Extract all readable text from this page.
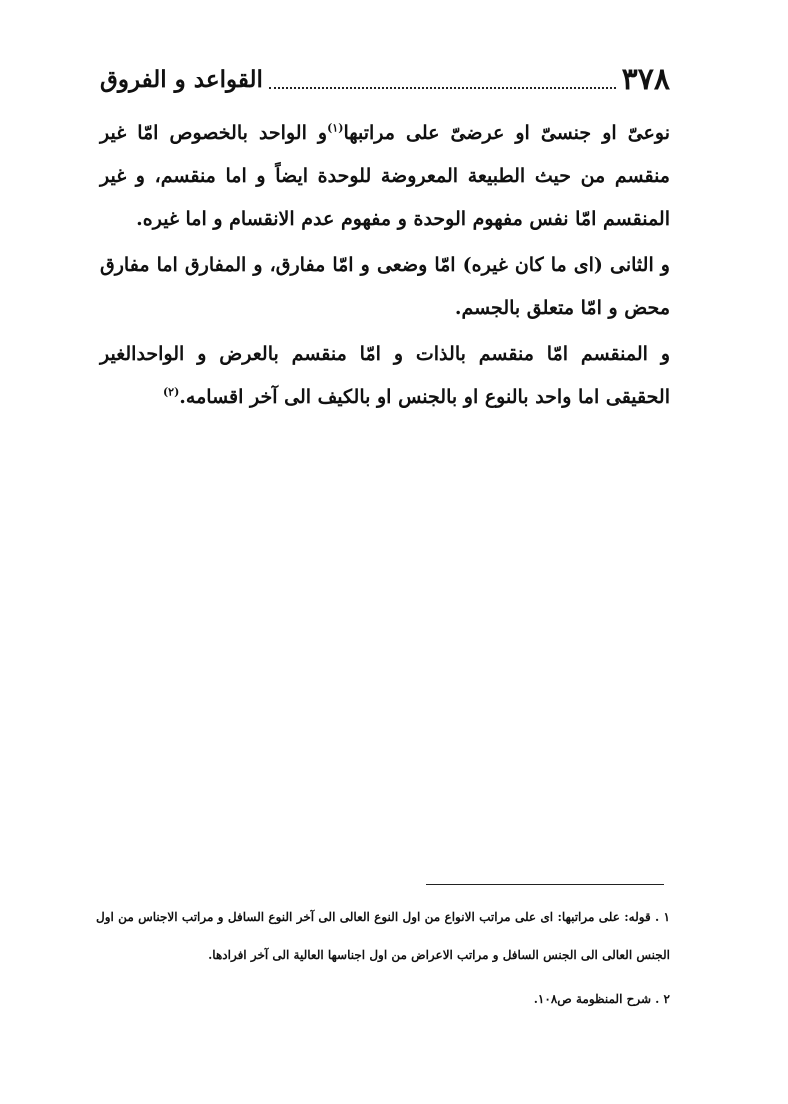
۳۷۸
القواعد و الفروق

نوعیّ او جنسیّ او عرضیّ علی مراتبها$^{(۱)}$و الواحد بالخصوص امّا غیر منقسم من حیث الطبیعة المعروضة للوحدة ایضاً و اما منقسم، و غیر المنقسم امّا نفس مفهوم الوحدة و مفهوم عدم الانقسام و اما غیره.

و الثانی (ای ما کان غیره) امّا وضعی و امّا مفارق، و المفارق اما مفارق محض و امّا متعلق بالجسم.

و المنقسم امّا منقسم بالذات و امّا منقسم بالعرض و الواحدالغیر الحقیقی اما واحد بالنوع او بالجنس او بالکیف الی آخر اقسامه.$^{(۲)}$

۱ . قوله: علی مراتبها: ای علی مراتب الانواع من اول النوع العالی الی آخر النوع السافل و مراتب الاجناس من اول الجنس العالی الی الجنس السافل و مراتب الاعراض من اول اجناسها العالیة الی آخر افرادها.

۲ . شرح المنظومة ص۱۰۸.
